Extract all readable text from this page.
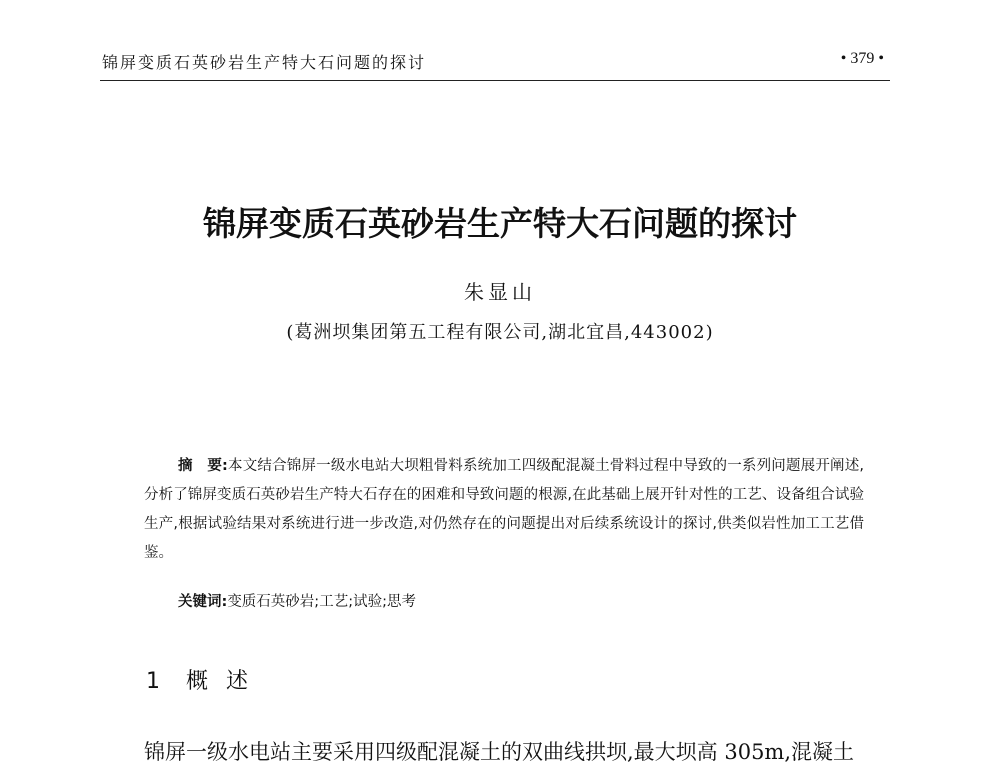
锦屏变质石英砂岩生产特大石问题的探讨	• 379 •
锦屏变质石英砂岩生产特大石问题的探讨
朱显山
(葛洲坝集团第五工程有限公司,湖北宜昌,443002)
摘　要:本文结合锦屏一级水电站大坝粗骨料系统加工四级配混凝土骨料过程中导致的一系列问题展开阐述,分析了锦屏变质石英砂岩生产特大石存在的困难和导致问题的根源,在此基础上展开针对性的工艺、设备组合试验生产,根据试验结果对系统进行进一步改造,对仍然存在的问题提出对后续系统设计的探讨,供类似岩性加工工艺借鉴。
关键词:变质石英砂岩;工艺;试验;思考
1 概述
锦屏一级水电站主要采用四级配混凝土的双曲线拱坝,最大坝高 305m,混凝土
